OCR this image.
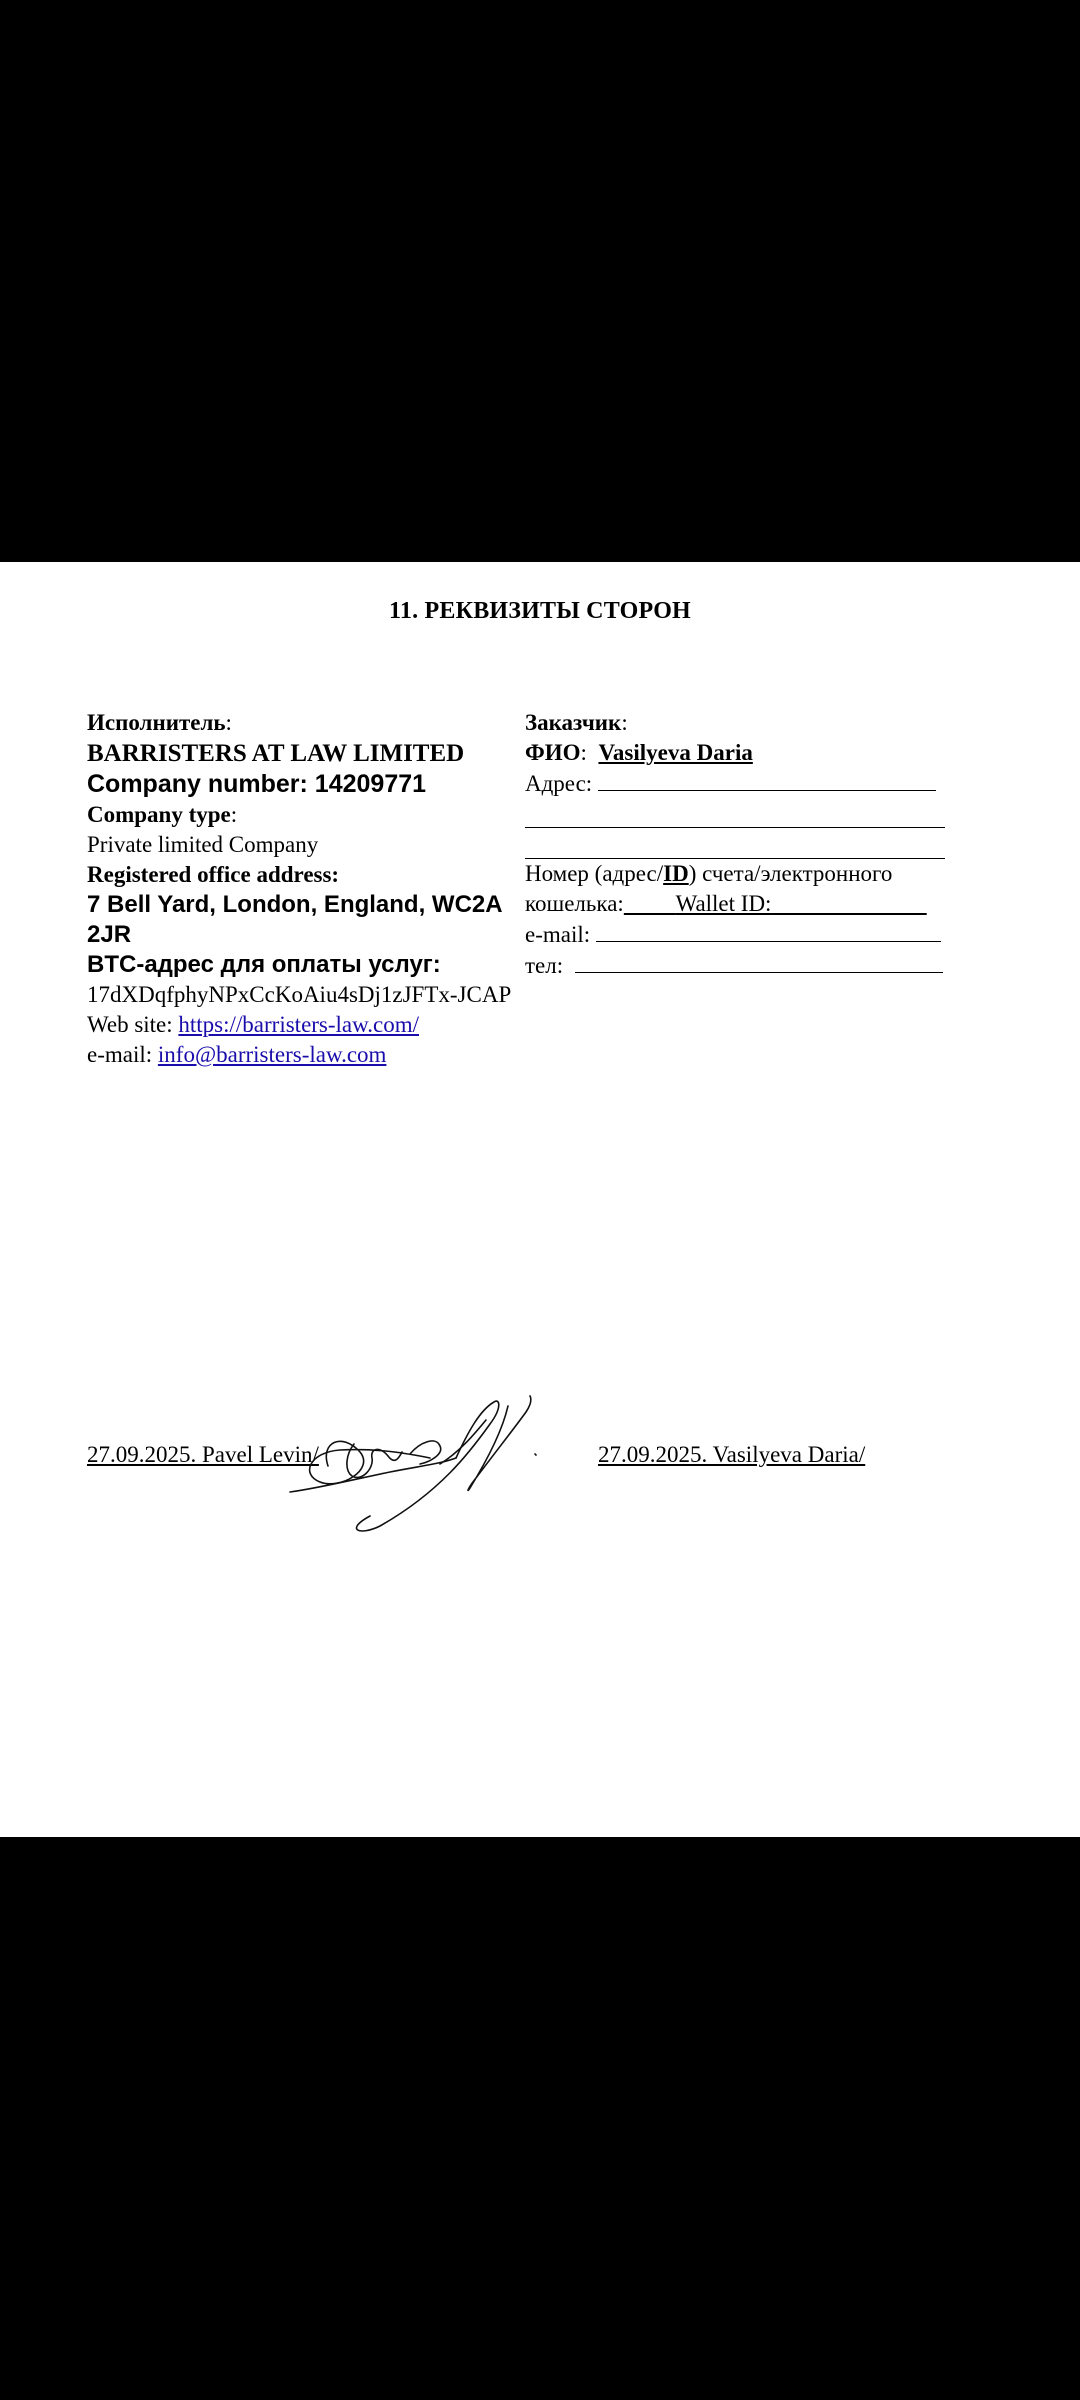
11. РЕКВИЗИТЫ СТОРОН
Исполнитель:
BARRISTERS AT LAW LIMITED
Company number: 14209771
Company type:
Private limited Company
Registered office address:
7 Bell Yard, London, England, WC2A 2JR
BTC-адрес для оплаты услуг:
17dXDqfphyNPxCcKoAiu4sDj1zJFTx-JCAP
Web site: https://barristers-law.com/
e-mail: info@barristers-law.com
Заказчик:
ФИО:  Vasilyeva Daria
Адрес:
Номер (адрес/ID) счета/электронного
кошелька: Wallet ID:
e-mail:
тел:
27.09.2025. Pavel Levin/	27.09.2025. Vasilyeva Daria/
